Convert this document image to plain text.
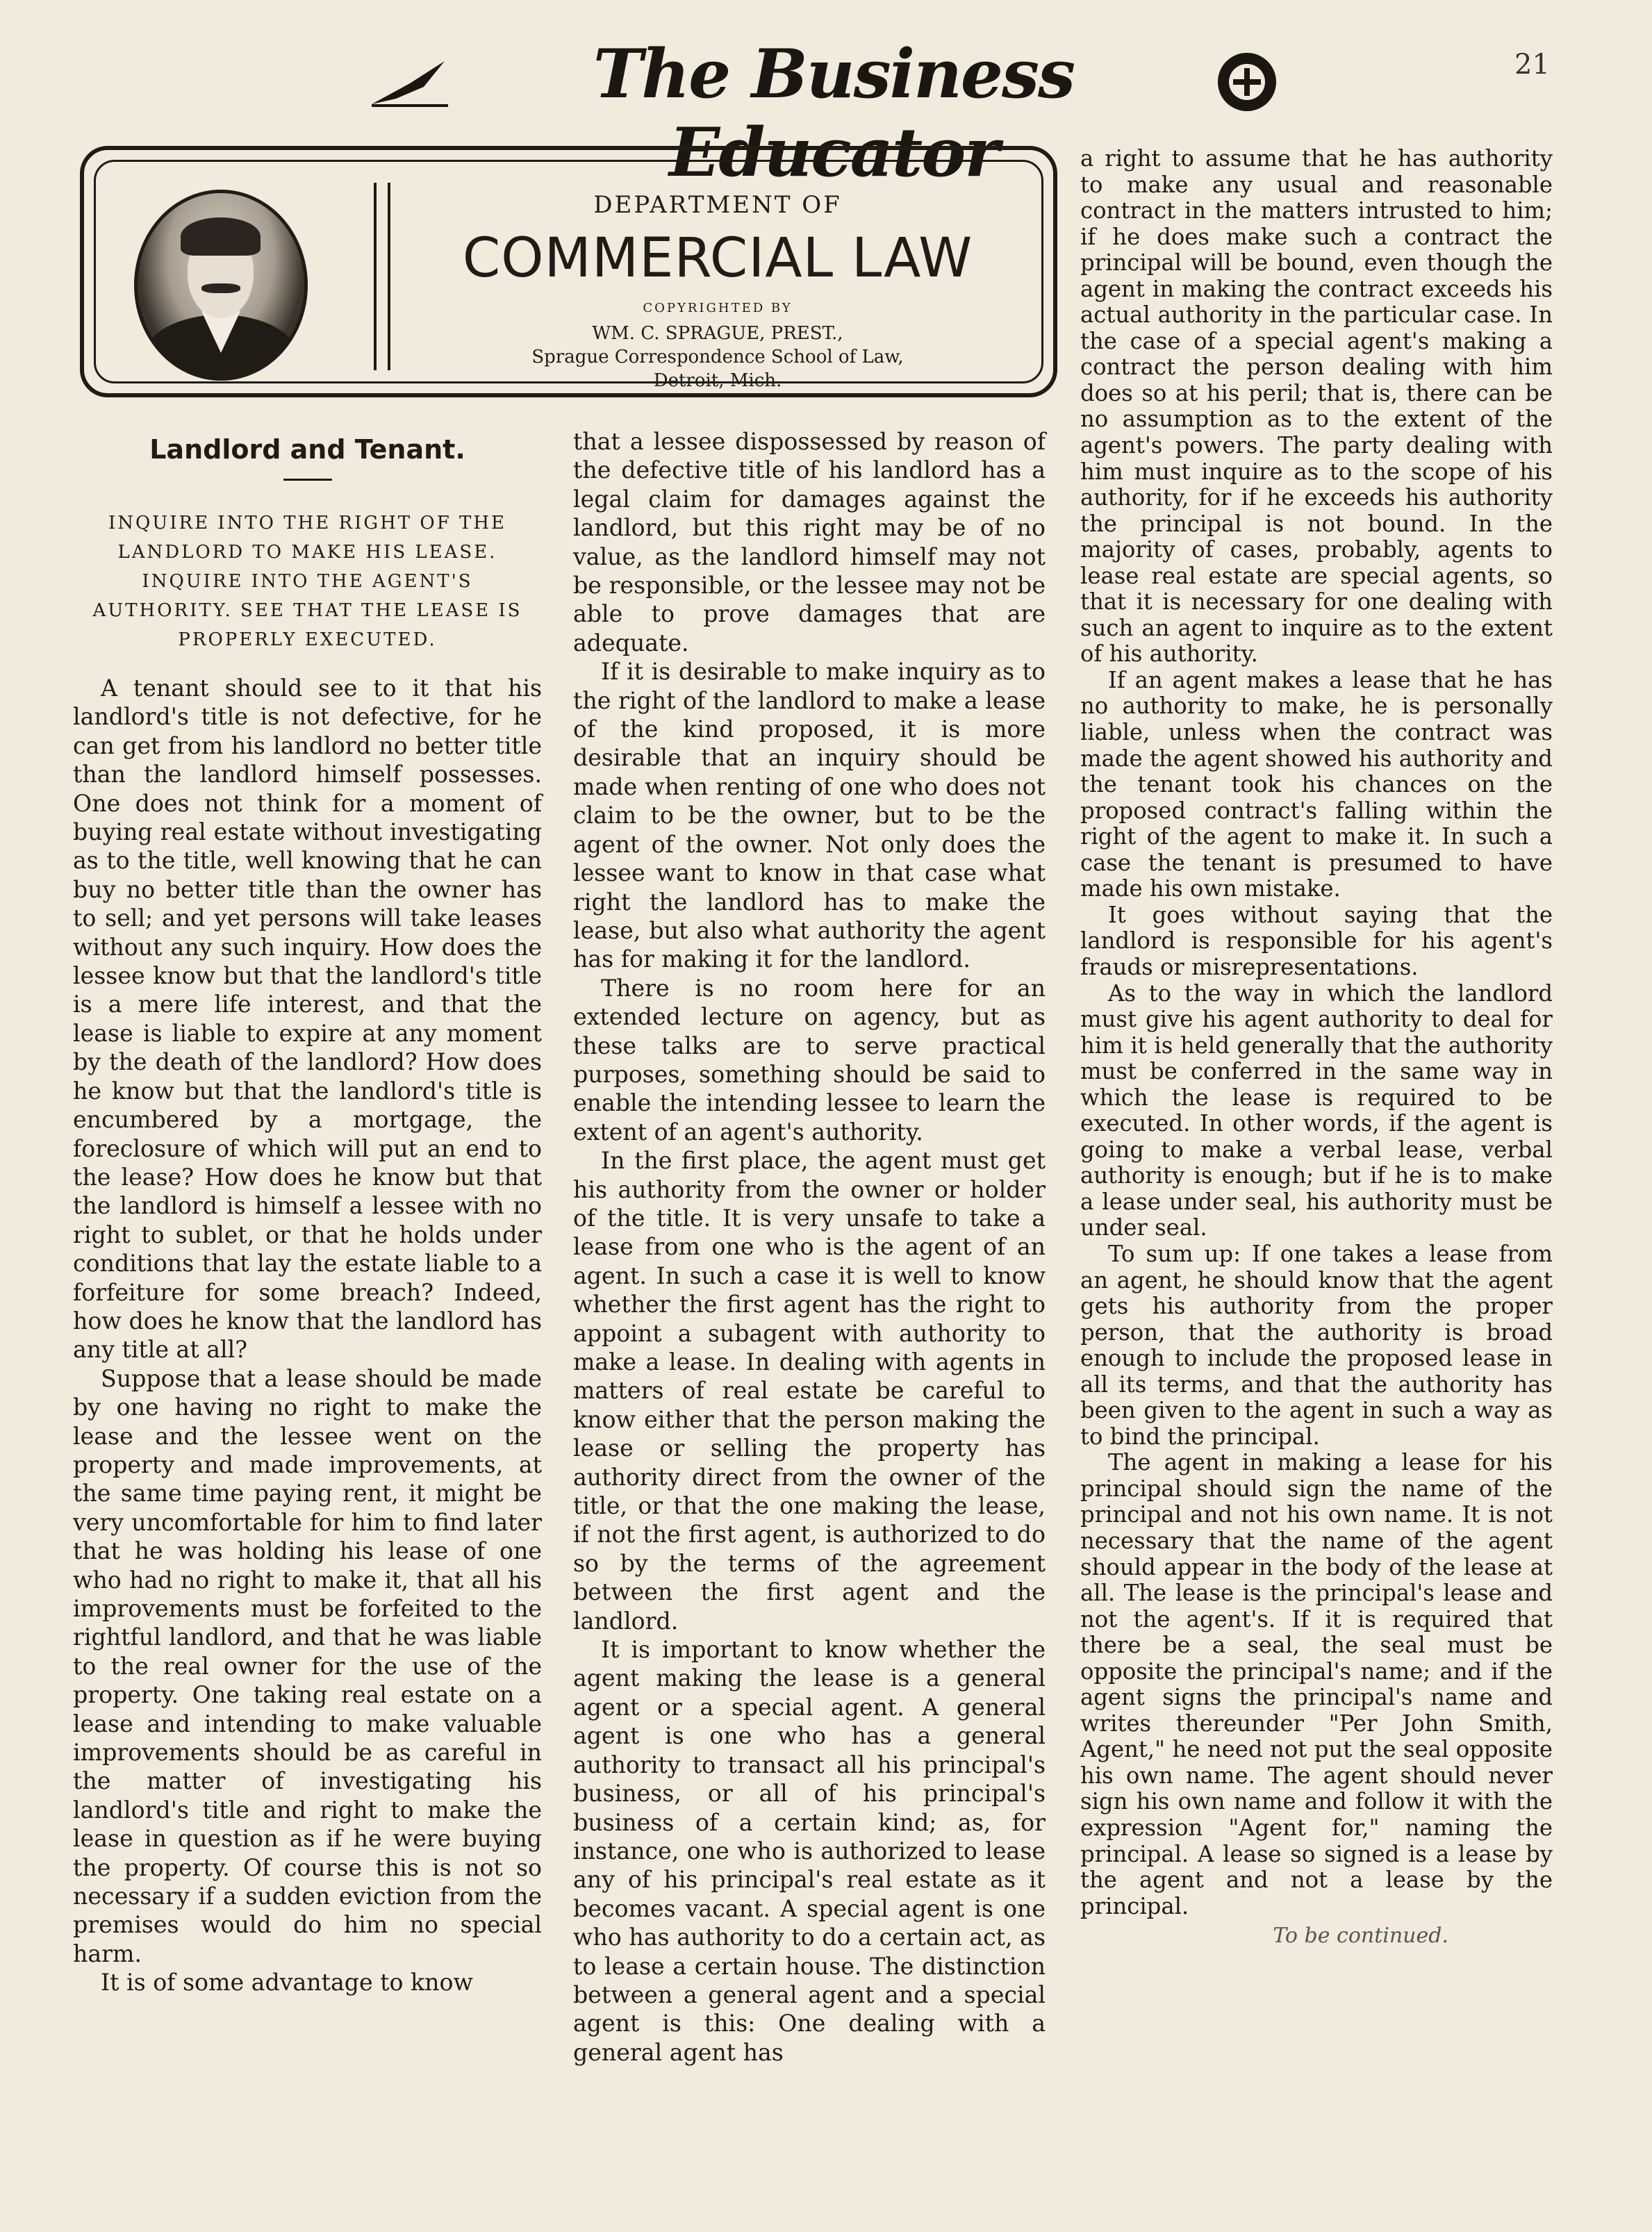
The Business Educator
21
DEPARTMENT OF
COMMERCIAL LAW
COPYRIGHTED BY
WM. C. SPRAGUE, PREST.,
Sprague Correspondence School of Law,
Detroit, Mich.
Landlord and Tenant.
INQUIRE INTO THE RIGHT OF THE LANDLORD TO MAKE HIS LEASE. INQUIRE INTO THE AGENT'S AUTHORITY. SEE THAT THE LEASE IS PROPERLY EXECUTED.

A tenant should see to it that his landlord's title is not defective, for he can get from his landlord no better title than the landlord himself possesses. One does not think for a moment of buying real estate without investigating as to the title, well knowing that he can buy no better title than the owner has to sell; and yet persons will take leases without any such inquiry. How does the lessee know but that the landlord's title is a mere life interest, and that the lease is liable to expire at any moment by the death of the landlord? How does he know but that the landlord's title is encumbered by a mortgage, the foreclosure of which will put an end to the lease? How does he know but that the landlord is himself a lessee with no right to sublet, or that he holds under conditions that lay the estate liable to a forfeiture for some breach? Indeed, how does he know that the landlord has any title at all?

Suppose that a lease should be made by one having no right to make the lease and the lessee went on the property and made improvements, at the same time paying rent, it might be very uncomfortable for him to find later that he was holding his lease of one who had no right to make it, that all his improvements must be forfeited to the rightful landlord, and that he was liable to the real owner for the use of the property. One taking real estate on a lease and intending to make valuable improvements should be as careful in the matter of investigating his landlord's title and right to make the lease in question as if he were buying the property. Of course this is not so necessary if a sudden eviction from the premises would do him no special harm.

It is of some advantage to know

that a lessee dispossessed by reason of the defective title of his landlord has a legal claim for damages against the landlord, but this right may be of no value, as the landlord himself may not be responsible, or the lessee may not be able to prove damages that are adequate.

If it is desirable to make inquiry as to the right of the landlord to make a lease of the kind proposed, it is more desirable that an inquiry should be made when renting of one who does not claim to be the owner, but to be the agent of the owner. Not only does the lessee want to know in that case what right the landlord has to make the lease, but also what authority the agent has for making it for the landlord.

There is no room here for an extended lecture on agency, but as these talks are to serve practical purposes, something should be said to enable the intending lessee to learn the extent of an agent's authority.

In the first place, the agent must get his authority from the owner or holder of the title. It is very unsafe to take a lease from one who is the agent of an agent. In such a case it is well to know whether the first agent has the right to appoint a subagent with authority to make a lease. In dealing with agents in matters of real estate be careful to know either that the person making the lease or selling the property has authority direct from the owner of the title, or that the one making the lease, if not the first agent, is authorized to do so by the terms of the agreement between the first agent and the landlord.

It is important to know whether the agent making the lease is a general agent or a special agent. A general agent is one who has a general authority to transact all his principal's business, or all of his principal's business of a certain kind; as, for instance, one who is authorized to lease any of his principal's real estate as it becomes vacant. A special agent is one who has authority to do a certain act, as to lease a certain house. The distinction between a general agent and a special agent is this: One dealing with a general agent has

a right to assume that he has authority to make any usual and reasonable contract in the matters intrusted to him; if he does make such a contract the principal will be bound, even though the agent in making the contract exceeds his actual authority in the particular case. In the case of a special agent's making a contract the person dealing with him does so at his peril; that is, there can be no assumption as to the extent of the agent's powers. The party dealing with him must inquire as to the scope of his authority, for if he exceeds his authority the principal is not bound. In the majority of cases, probably, agents to lease real estate are special agents, so that it is necessary for one dealing with such an agent to inquire as to the extent of his authority.

If an agent makes a lease that he has no authority to make, he is personally liable, unless when the contract was made the agent showed his authority and the tenant took his chances on the proposed contract's falling within the right of the agent to make it. In such a case the tenant is presumed to have made his own mistake.

It goes without saying that the landlord is responsible for his agent's frauds or misrepresentations.

As to the way in which the landlord must give his agent authority to deal for him it is held generally that the authority must be conferred in the same way in which the lease is required to be executed. In other words, if the agent is going to make a verbal lease, verbal authority is enough; but if he is to make a lease under seal, his authority must be under seal.

To sum up: If one takes a lease from an agent, he should know that the agent gets his authority from the proper person, that the authority is broad enough to include the proposed lease in all its terms, and that the authority has been given to the agent in such a way as to bind the principal.

The agent in making a lease for his principal should sign the name of the principal and not his own name. It is not necessary that the name of the agent should appear in the body of the lease at all. The lease is the principal's lease and not the agent's. If it is required that there be a seal, the seal must be opposite the principal's name; and if the agent signs the principal's name and writes thereunder "Per John Smith, Agent," he need not put the seal opposite his own name. The agent should never sign his own name and follow it with the expression "Agent for," naming the principal. A lease so signed is a lease by the agent and not a lease by the principal.

To be continued.
